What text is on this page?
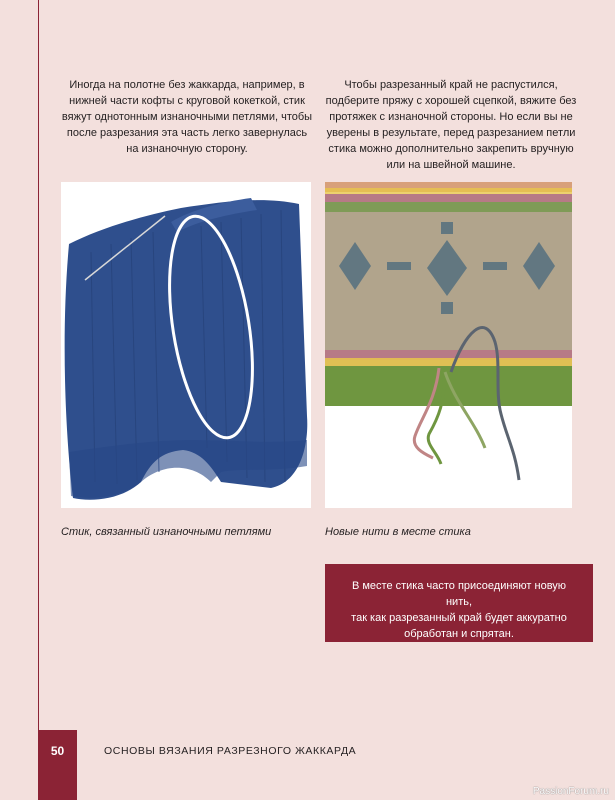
Иногда на полотне без жаккарда, например, в нижней части кофты с круговой кокеткой, стик вяжут однотонным изнаночными петлями, чтобы после разрезания эта часть легко завернулась на изнаночную сторону.

Чтобы разрезанный край не распустился, подберите пряжу с хорошей сцепкой, вяжите без протяжек с изнаночной стороны. Но если вы не уверены в результате, перед разрезанием петли стика можно дополнительно закрепить вручную или на швейной машине.

Стик, связанный изнаночными петлями	Новые нити в месте стика

В месте стика часто присоединяют новую нить,
так как разрезанный край будет аккуратно
обработан и спрятан.
50	ОСНОВЫ ВЯЗАНИЯ РАЗРЕЗНОГО ЖАККАРДА
PassionForum.ru
